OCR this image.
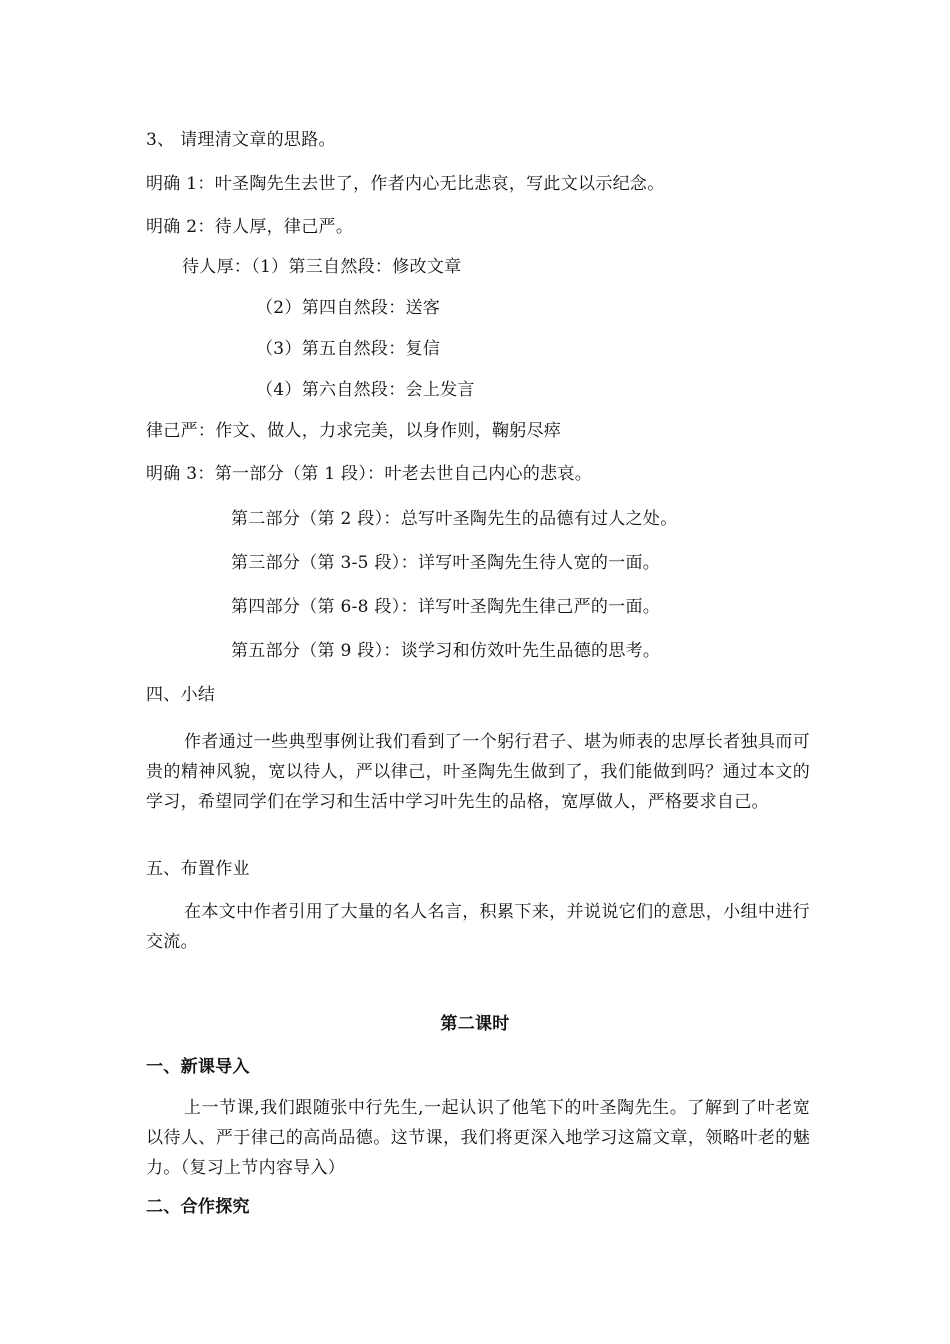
3、 请理清文章的思路。
明确 1：叶圣陶先生去世了，作者内心无比悲哀，写此文以示纪念。
明确 2：待人厚，律己严。
待人厚：（1）第三自然段：修改文章
（2）第四自然段：送客
（3）第五自然段：复信
（4）第六自然段：会上发言
律己严：作文、做人，力求完美，以身作则，鞠躬尽瘁
明确 3：第一部分（第 1 段）：叶老去世自己内心的悲哀。
第二部分（第 2 段）：总写叶圣陶先生的品德有过人之处。
第三部分（第 3-5 段）：详写叶圣陶先生待人宽的一面。
第四部分（第 6-8 段）：详写叶圣陶先生律己严的一面。
第五部分（第 9 段）：谈学习和仿效叶先生品德的思考。
四、小结

作者通过一些典型事例让我们看到了一个躬行君子、堪为师表的忠厚长者独具而可贵的精神风貌，宽以待人，严以律己，叶圣陶先生做到了，我们能做到吗？通过本文的学习，希望同学们在学习和生活中学习叶先生的品格，宽厚做人，严格要求自己。

五、布置作业

在本文中作者引用了大量的名人名言，积累下来，并说说它们的意思，小组中进行交流。

第二课时
一、新课导入

上一节课,我们跟随张中行先生,一起认识了他笔下的叶圣陶先生。了解到了叶老宽以待人、严于律己的高尚品德。这节课，我们将更深入地学习这篇文章，领略叶老的魅力。（复习上节内容导入）

二、合作探究
